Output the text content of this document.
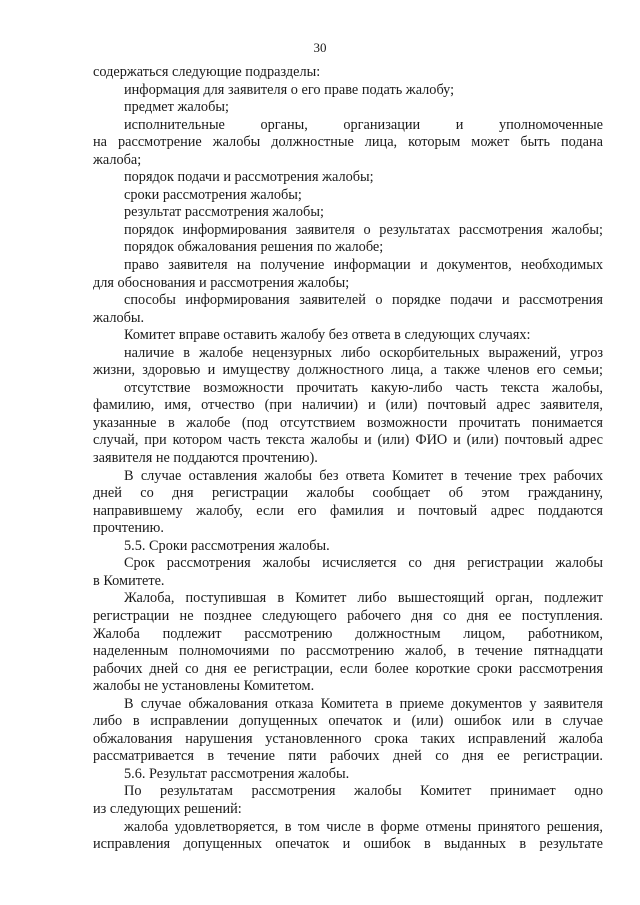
30
содержаться следующие подразделы:
информация для заявителя о его праве подать жалобу;
предмет жалобы;
исполнительные органы, организации и уполномоченные
на рассмотрение жалобы должностные лица, которым может быть подана
жалоба;
порядок подачи и рассмотрения жалобы;
сроки рассмотрения жалобы;
результат рассмотрения жалобы;
порядок информирования заявителя о результатах рассмотрения жалобы;
порядок обжалования решения по жалобе;
право заявителя на получение информации и документов, необходимых
для обоснования и рассмотрения жалобы;
способы информирования заявителей о порядке подачи и рассмотрения
жалобы.
Комитет вправе оставить жалобу без ответа в следующих случаях:
наличие в жалобе нецензурных либо оскорбительных выражений, угроз
жизни, здоровью и имуществу должностного лица, а также членов его семьи;
отсутствие возможности прочитать какую-либо часть текста жалобы,
фамилию, имя, отчество (при наличии) и (или) почтовый адрес заявителя,
указанные в жалобе (под отсутствием возможности прочитать понимается
случай, при котором часть текста жалобы и (или) ФИО и (или) почтовый адрес
заявителя не поддаются прочтению).
В случае оставления жалобы без ответа Комитет в течение трех рабочих
дней со дня регистрации жалобы сообщает об этом гражданину,
направившему жалобу, если его фамилия и почтовый адрес поддаются
прочтению.
5.5. Сроки рассмотрения жалобы.
Срок рассмотрения жалобы исчисляется со дня регистрации жалобы
в Комитете.
Жалоба, поступившая в Комитет либо вышестоящий орган, подлежит
регистрации не позднее следующего рабочего дня со дня ее поступления.
Жалоба подлежит рассмотрению должностным лицом, работником,
наделенным полномочиями по рассмотрению жалоб, в течение пятнадцати
рабочих дней со дня ее регистрации, если более короткие сроки рассмотрения
жалобы не установлены Комитетом.
В случае обжалования отказа Комитета в приеме документов у заявителя
либо в исправлении допущенных опечаток и (или) ошибок или в случае
обжалования нарушения установленного срока таких исправлений жалоба
рассматривается в течение пяти рабочих дней со дня ее регистрации.
5.6. Результат рассмотрения жалобы.
По результатам рассмотрения жалобы Комитет принимает одно
из следующих решений:
жалоба удовлетворяется, в том числе в форме отмены принятого решения,
исправления допущенных опечаток и ошибок в выданных в результате
